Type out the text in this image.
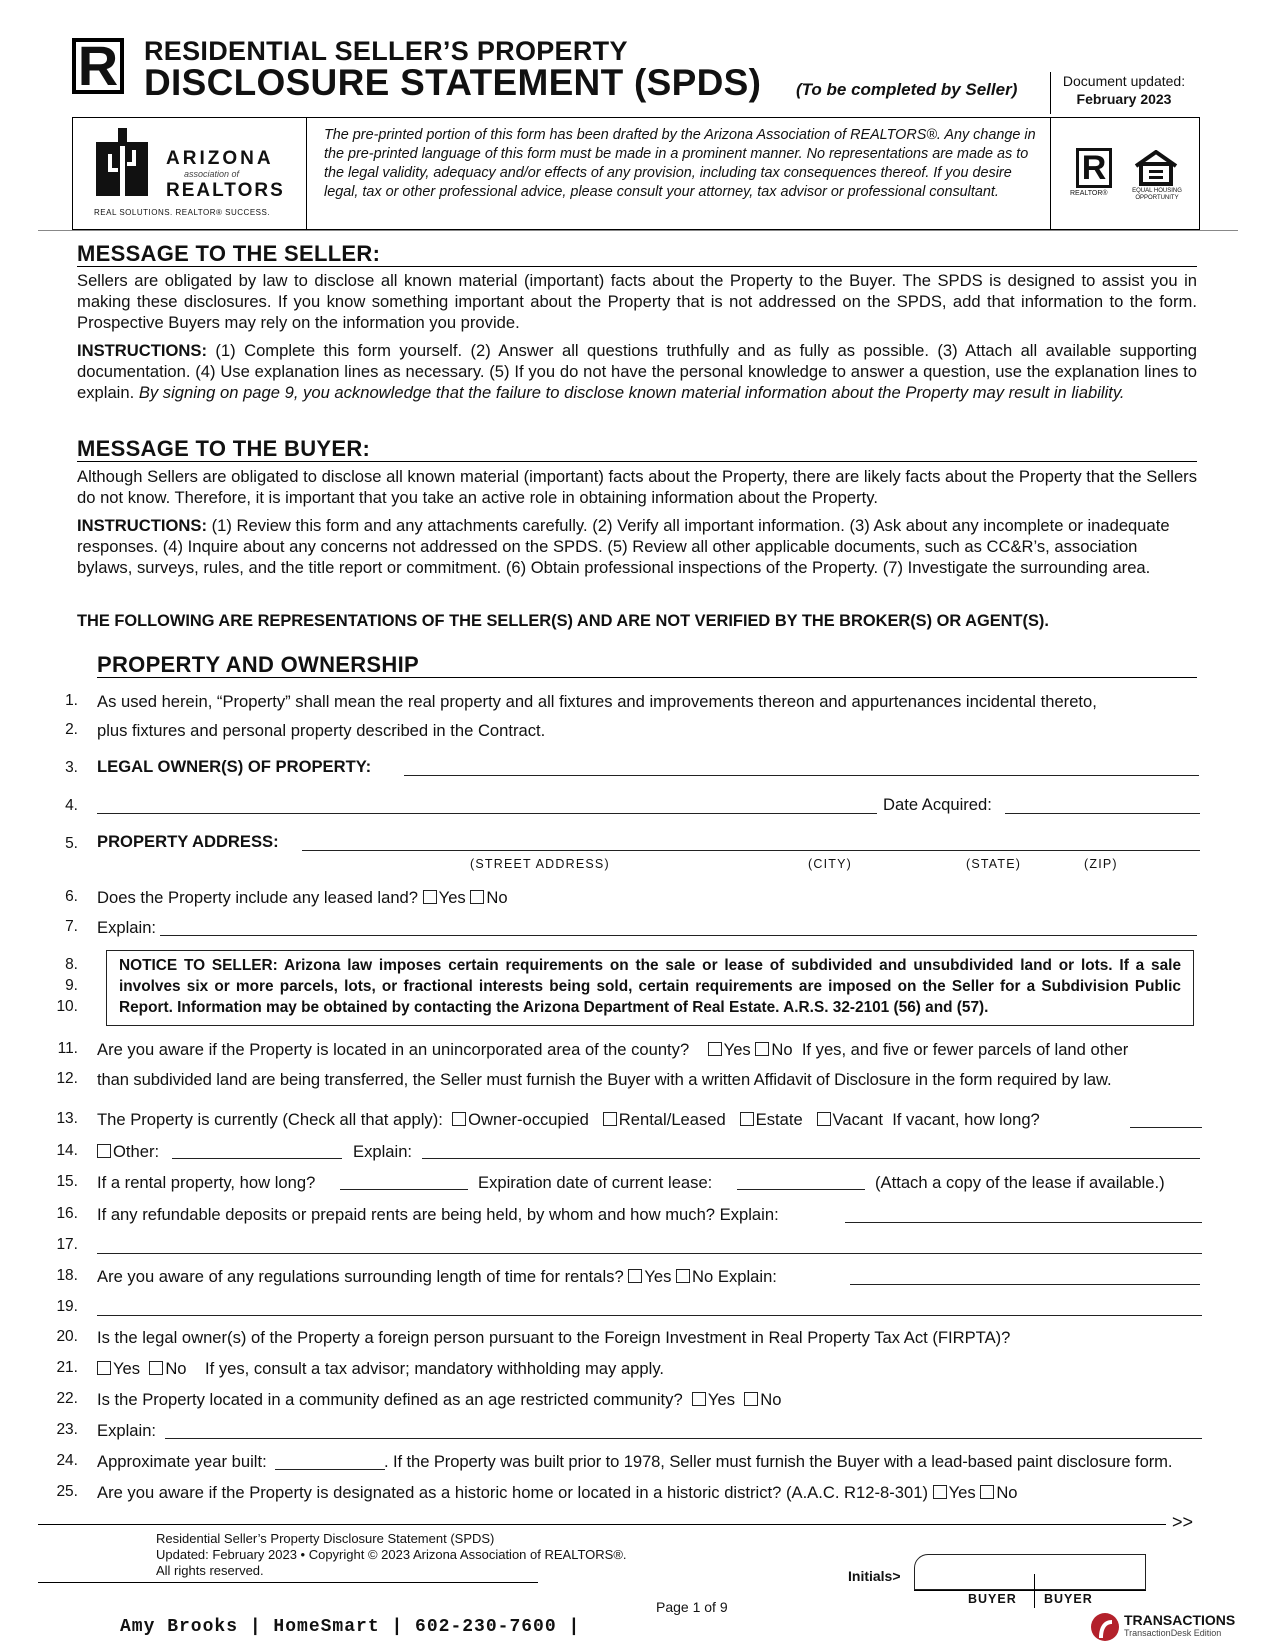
R RESIDENTIAL SELLER’S PROPERTY
DISCLOSURE STATEMENT (SPDS) (To be completed by Seller)	Document updated:
February 2023
ARIZONA
association of
REALTORS
REAL SOLUTIONS. REALTOR® SUCCESS.
The pre-printed portion of this form has been drafted by the Arizona Association of REALTORS®. Any change in the pre-printed language of this form must be made in a prominent manner. No representations are made as to the legal validity, adequacy and/or effects of any provision, including tax consequences thereof. If you desire legal, tax or other professional advice, please consult your attorney, tax advisor or professional consultant.
R
REALTOR®	EQUAL HOUSING OPPORTUNITY
MESSAGE TO THE SELLER:
Sellers are obligated by law to disclose all known material (important) facts about the Property to the Buyer. The SPDS is designed to assist you in making these disclosures. If you know something important about the Property that is not addressed on the SPDS, add that information to the form. Prospective Buyers may rely on the information you provide.
INSTRUCTIONS: (1) Complete this form yourself. (2) Answer all questions truthfully and as fully as possible. (3) Attach all available supporting documentation. (4) Use explanation lines as necessary. (5) If you do not have the personal knowledge to answer a question, use the explanation lines to explain. By signing on page 9, you acknowledge that the failure to disclose known material information about the Property may result in liability.
MESSAGE TO THE BUYER:
Although Sellers are obligated to disclose all known material (important) facts about the Property, there are likely facts about the Property that the Sellers do not know. Therefore, it is important that you take an active role in obtaining information about the Property.
INSTRUCTIONS: (1) Review this form and any attachments carefully. (2) Verify all important information. (3) Ask about any incomplete or inadequate responses. (4) Inquire about any concerns not addressed on the SPDS. (5) Review all other applicable documents, such as CC&R’s, association bylaws, surveys, rules, and the title report or commitment. (6) Obtain professional inspections of the Property. (7) Investigate the surrounding area.
THE FOLLOWING ARE REPRESENTATIONS OF THE SELLER(S) AND ARE NOT VERIFIED BY THE BROKER(S) OR AGENT(S).
PROPERTY AND OWNERSHIP
1. As used herein, “Property” shall mean the real property and all fixtures and improvements thereon and appurtenances incidental thereto,
2. plus fixtures and personal property described in the Contract.
3. LEGAL OWNER(S) OF PROPERTY:
4.	Date Acquired:
5. PROPERTY ADDRESS:
(STREET ADDRESS)	(CITY)	(STATE)	(ZIP)
6. Does the Property include any leased land? Yes No
7. Explain:
8.
9.
10.
NOTICE TO SELLER: Arizona law imposes certain requirements on the sale or lease of subdivided and unsubdivided land or lots. If a sale involves six or more parcels, lots, or fractional interests being sold, certain requirements are imposed on the Seller for a Subdivision Public Report. Information may be obtained by contacting the Arizona Department of Real Estate. A.R.S. 32-2101 (56) and (57).
11. Are you aware if the Property is located in an unincorporated area of the county? Yes No If yes, and five or fewer parcels of land other
12. than subdivided land are being transferred, the Seller must furnish the Buyer with a written Affidavit of Disclosure in the form required by law.
13. The Property is currently (Check all that apply): Owner-occupied Rental/Leased Estate Vacant If vacant, how long?
14.	Other:	Explain:
15. If a rental property, how long?	Expiration date of current lease:	(Attach a copy of the lease if available.)
16. If any refundable deposits or prepaid rents are being held, by whom and how much? Explain:
17.
18. Are you aware of any regulations surrounding length of time for rentals? Yes No Explain:
19.
20. Is the legal owner(s) of the Property a foreign person pursuant to the Foreign Investment in Real Property Tax Act (FIRPTA)?
21.	Yes No If yes, consult a tax advisor; mandatory withholding may apply.
22. Is the Property located in a community defined as an age restricted community? Yes No
23. Explain:
24. Approximate year built:	. If the Property was built prior to 1978, Seller must furnish the Buyer with a lead-based paint disclosure form.
25. Are you aware if the Property is designated as a historic home or located in a historic district? (A.A.C. R12-8-301) Yes No
>>
Residential Seller’s Property Disclosure Statement (SPDS)
Updated: February 2023 • Copyright © 2023 Arizona Association of REALTORS®.
All rights reserved.	Initials>
BUYER BUYER
Page 1 of 9
Amy Brooks | HomeSmart | 602-230-7600 |	TRANSACTIONS
TransactionDesk Edition
